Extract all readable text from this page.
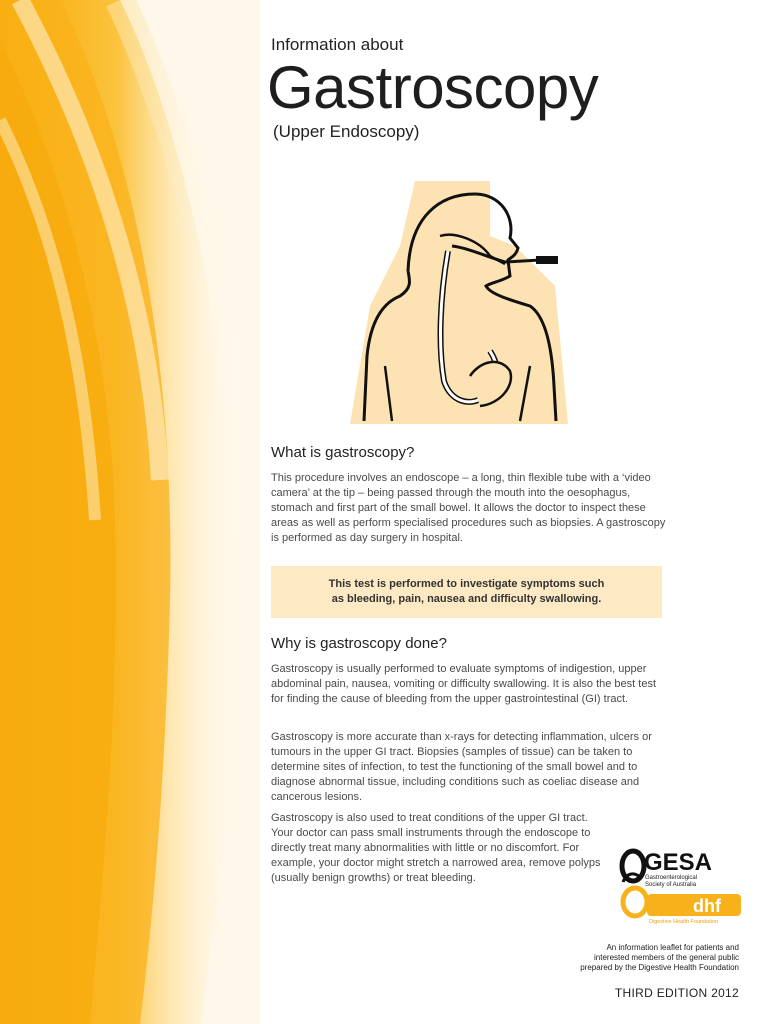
Information about
Gastroscopy
(Upper Endoscopy)
What is gastroscopy?

This procedure involves an endoscope – a long, thin flexible tube with a ‘video camera’ at the tip – being passed through the mouth into the oesophagus, stomach and first part of the small bowel. It allows the doctor to inspect these areas as well as perform specialised procedures such as biopsies. A gastroscopy is performed as day surgery in hospital.

This test is performed to investigate symptoms such
as bleeding, pain, nausea and difficulty swallowing.
Why is gastroscopy done?

Gastroscopy is usually performed to evaluate symptoms of indigestion, upper abdominal pain, nausea, vomiting or difficulty swallowing. It is also the best test for finding the cause of bleeding from the upper gastrointestinal (GI) tract.

Gastroscopy is more accurate than x-rays for detecting inflammation, ulcers or tumours in the upper GI tract. Biopsies (samples of tissue) can be taken to determine sites of infection, to test the functioning of the small bowel and to diagnose abnormal tissue, including conditions such as coeliac disease and cancerous lesions.

Gastroscopy is also used to treat conditions of the upper GI tract. Your doctor can pass small instruments through the endoscope to directly treat many abnormalities with little or no discomfort. For example, your doctor might stretch a narrowed area, remove polyps (usually benign growths) or treat bleeding.

GESA
Gastroenterological
Society of Australia
dhf
Digestive Health Foundation
An information leaflet for patients and
interested members of the general public
prepared by the Digestive Health Foundation
THIRD EDITION 2012
